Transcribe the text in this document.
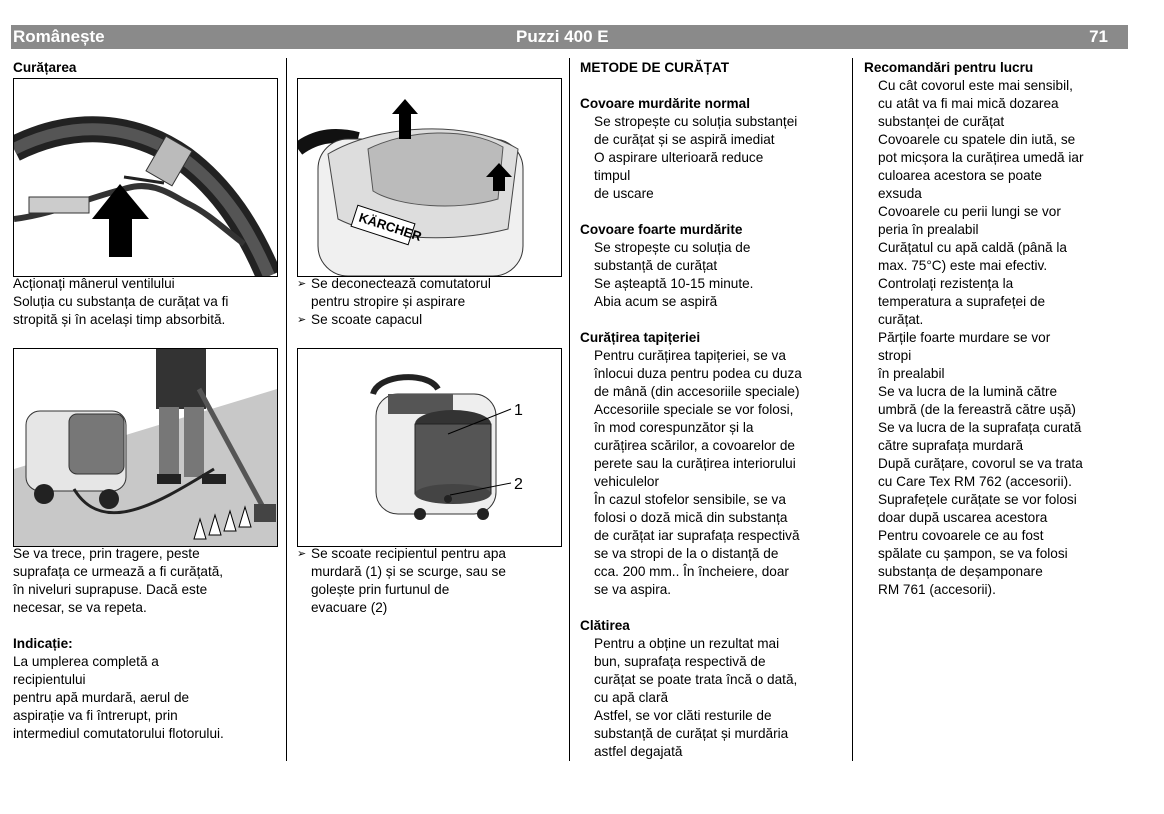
Românește	Puzzi 400 E	71
Curățarea
Acționați mânerul ventilului
Soluția cu substanța de curățat va fi
stropită și în același timp absorbită.
Se va trece, prin tragere, peste
suprafața ce urmează a fi curățată,
în niveluri suprapuse. Dacă este
necesar, se va repeta.
Indicație:
La umplerea completă a
recipientului
pentru apă murdară, aerul de
aspirație va fi întrerupt, prin
intermediul comutatorului flotorului.
KÄRCHER
➢ Se deconectează comutatorul
pentru stropire și aspirare
➢ Se scoate capacul
1
2
➢ Se scoate recipientul pentru apa
murdară (1) și se scurge, sau se
golește prin furtunul de
evacuare (2)
METODE DE CURĂȚAT
Covoare murdărite normal
Se stropește cu soluția substanței
de curățat și se aspiră imediat
O aspirare ulterioară reduce
timpul
de uscare
Covoare foarte murdărite
Se stropește cu soluția de
substanță de curățat
Se așteaptă 10-15 minute.
Abia acum se aspiră
Curățirea tapițeriei
Pentru curățirea tapițeriei, se va
înlocui duza pentru podea cu duza
de mână (din accesoriile speciale)
Accesoriile speciale se vor folosi,
în mod corespunzător și la
curățirea scărilor, a covoarelor de
perete sau la curățirea interiorului
vehiculelor
În cazul stofelor sensibile, se va
folosi o doză mică din substanța
de curățat iar suprafața respectivă
se va stropi de la o distanță de
cca. 200 mm.. În încheiere, doar
se va aspira.
Clătirea
Pentru a obține un rezultat mai
bun, suprafața respectivă de
curățat se poate trata încă o dată,
cu apă clară
Astfel, se vor clăti resturile de
substanță de curățat și murdăria
astfel degajată
Recomandări pentru lucru
Cu cât covorul este mai sensibil,
cu atât va fi mai mică dozarea
substanței de curățat
Covoarele cu spatele din iută, se
pot micșora la curățirea umedă iar
culoarea acestora se poate
exsuda
Covoarele cu perii lungi se vor
peria în prealabil
Curățatul cu apă caldă (până la
max. 75°C) este mai efectiv.
Controlați rezistența la
temperatura a suprafeței de
curățat.
Părțile foarte murdare se vor
stropi
în prealabil
Se va lucra de la lumină către
umbră (de la fereastră către ușă)
Se va lucra de la suprafața curată
către suprafața murdară
După curățare, covorul se va trata
cu Care Tex RM 762 (accesorii).
Suprafețele curățate se vor folosi
doar după uscarea acestora
Pentru covoarele ce au fost
spălate cu șampon, se va folosi
substanța de deșamponare
RM 761 (accesorii).
